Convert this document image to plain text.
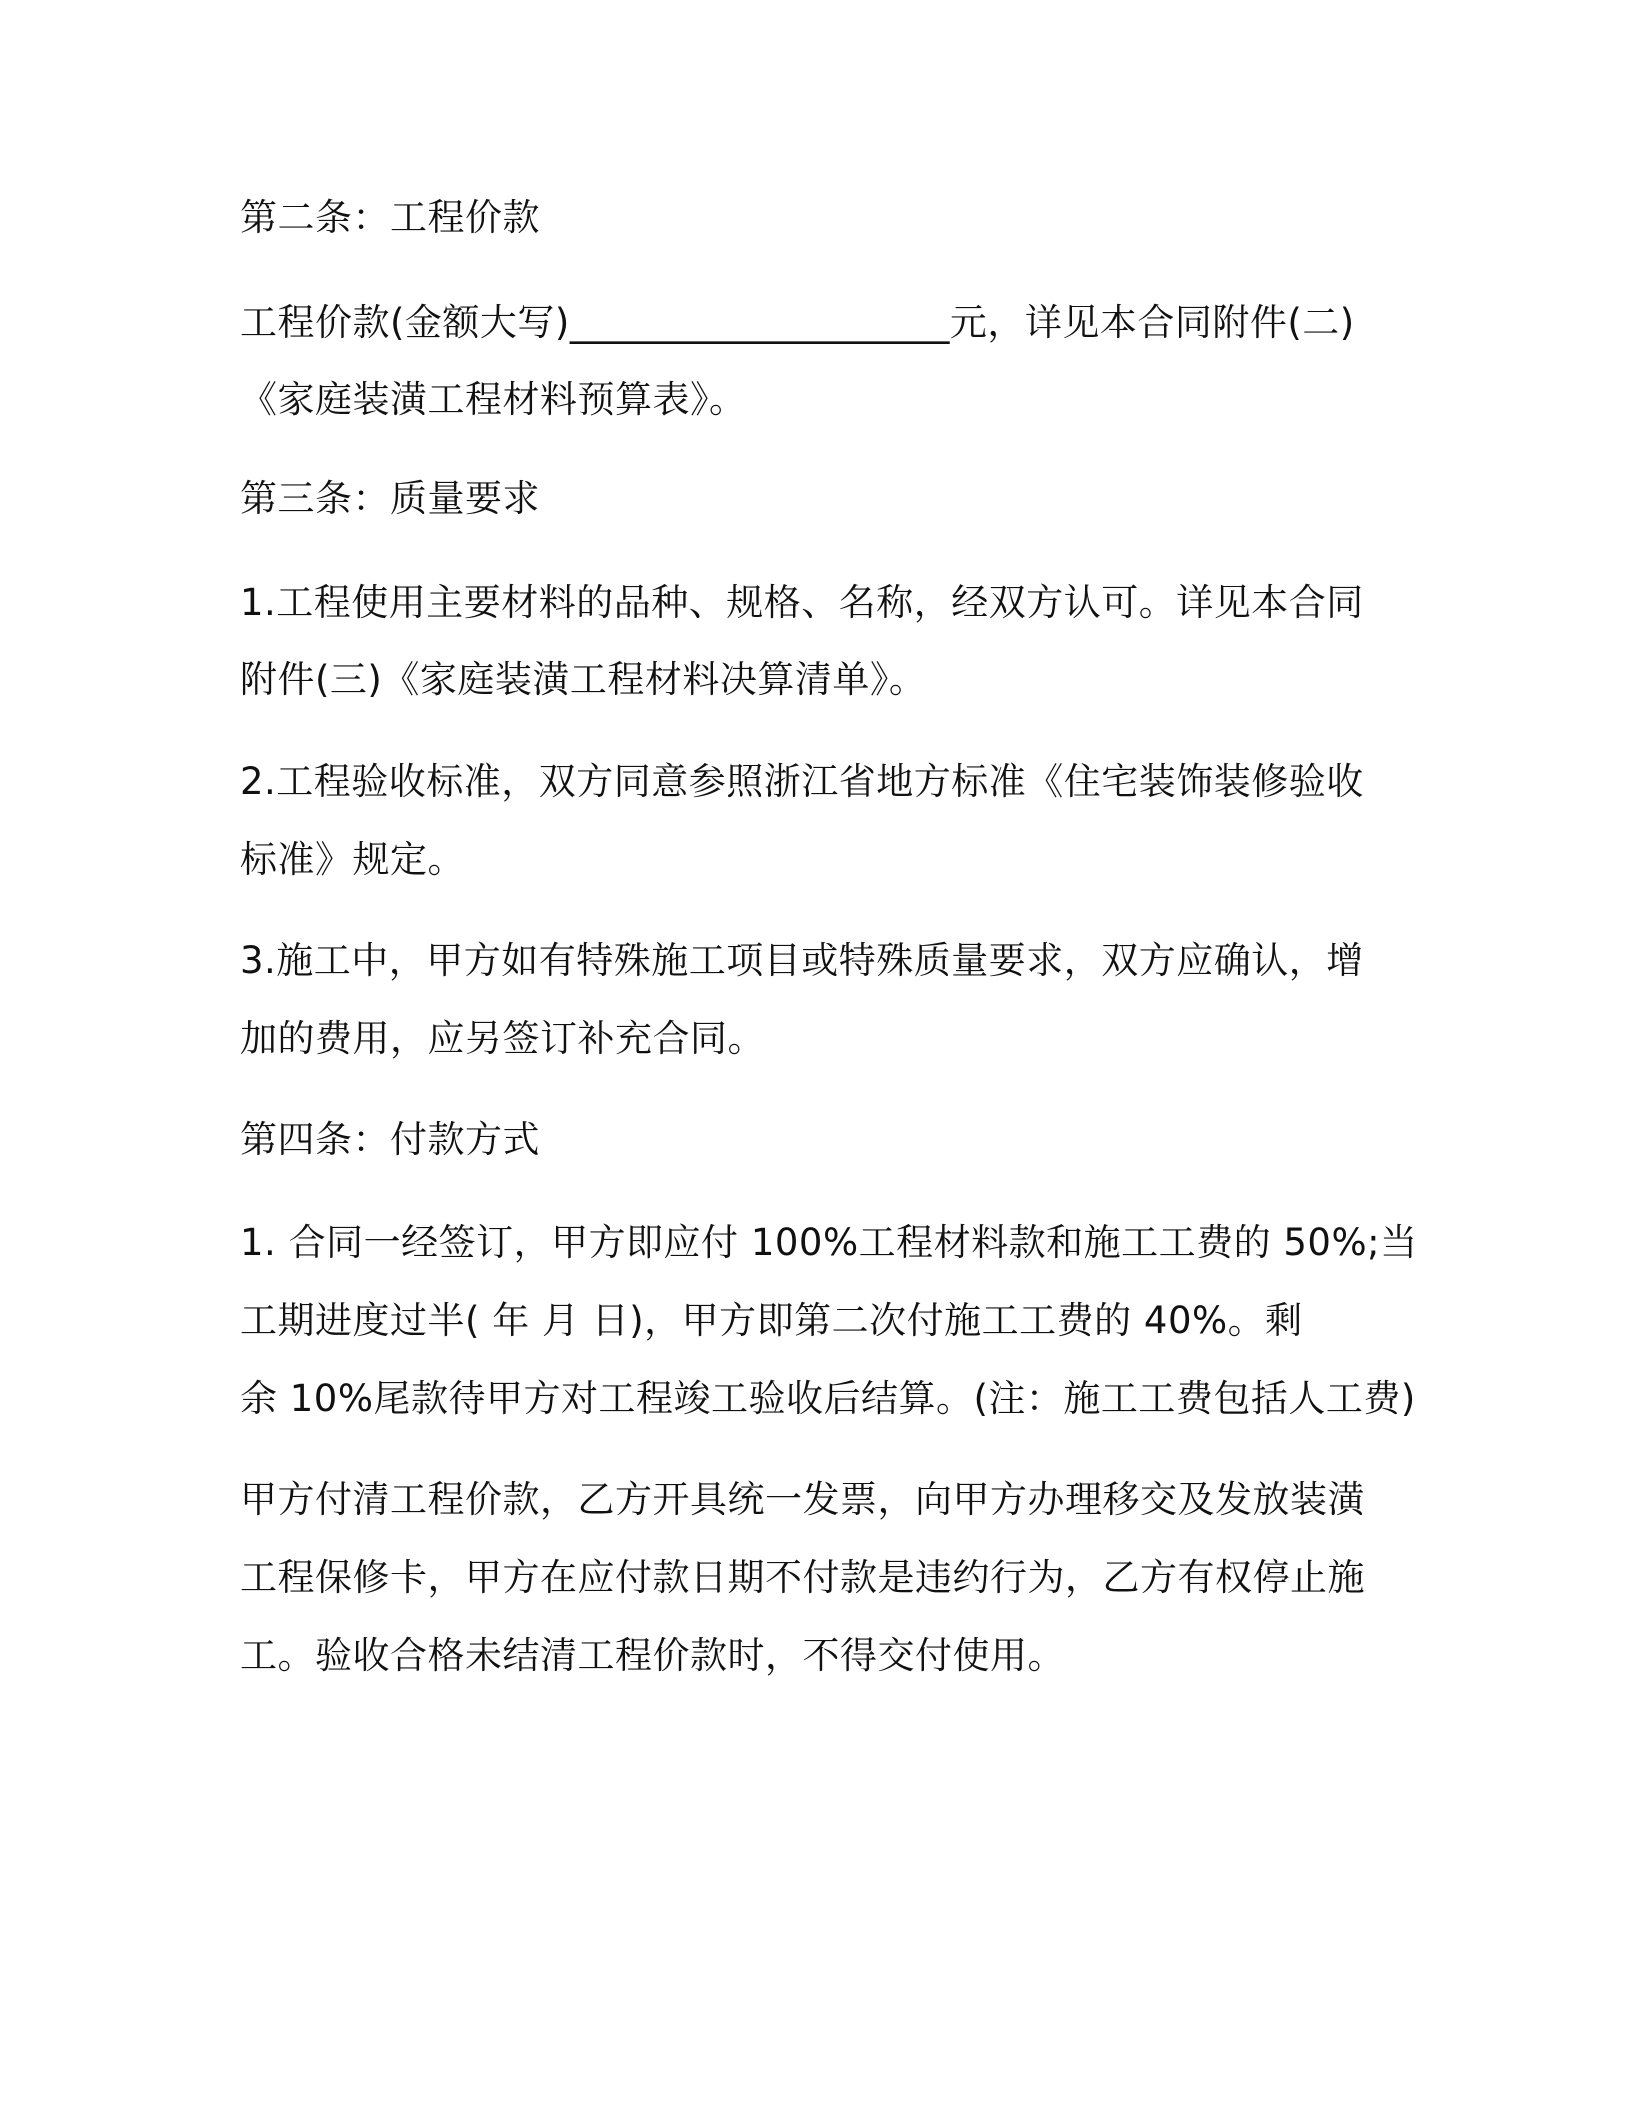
第二条：工程价款
工程价款(金额大写)____________________元，详见本合同附件(二)
《家庭装潢工程材料预算表》。
第三条：质量要求
1.工程使用主要材料的品种、规格、名称，经双方认可。详见本合同
附件(三)《家庭装潢工程材料决算清单》。
2.工程验收标准，双方同意参照浙江省地方标准《住宅装饰装修验收
标准》规定。
3.施工中，甲方如有特殊施工项目或特殊质量要求，双方应确认，增
加的费用，应另签订补充合同。
第四条：付款方式
1. 合同一经签订，甲方即应付 100%工程材料款和施工工费的 50%;当
工期进度过半( 年 月 日)，甲方即第二次付施工工费的 40%。剩
余 10%尾款待甲方对工程竣工验收后结算。(注：施工工费包括人工费)
甲方付清工程价款，乙方开具统一发票，向甲方办理移交及发放装潢
工程保修卡，甲方在应付款日期不付款是违约行为，乙方有权停止施
工。验收合格未结清工程价款时，不得交付使用。
